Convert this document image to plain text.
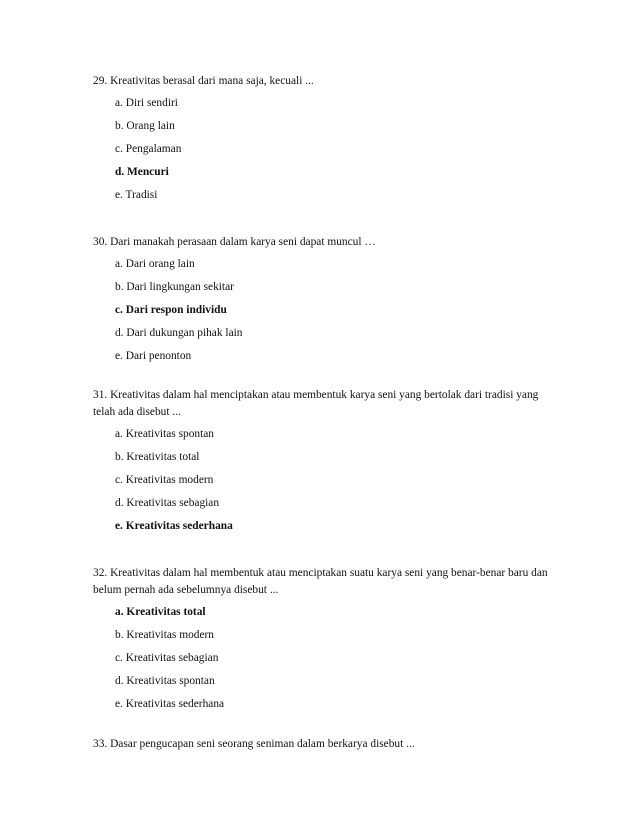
29. Kreativitas berasal dari mana saja, kecuali ...

a. Diri sendiri
b. Orang lain
c. Pengalaman
d. Mencuri
e. Tradisi

30. Dari manakah perasaan dalam karya seni dapat muncul …

a. Dari orang lain
b. Dari lingkungan sekitar
c. Dari respon individu
d. Dari dukungan pihak lain
e. Dari penonton

31. Kreativitas dalam hal menciptakan atau membentuk karya seni yang bertolak dari tradisi yang telah ada disebut ...

a. Kreativitas spontan
b. Kreativitas total
c. Kreativitas modern
d. Kreativitas sebagian
e. Kreativitas sederhana

32. Kreativitas dalam hal membentuk atau menciptakan suatu karya seni yang benar-benar baru dan belum pernah ada sebelumnya disebut ...

a. Kreativitas total
b. Kreativitas modern
c. Kreativitas sebagian
d. Kreativitas spontan
e. Kreativitas sederhana

33. Dasar pengucapan seni seorang seniman dalam berkarya disebut ...
